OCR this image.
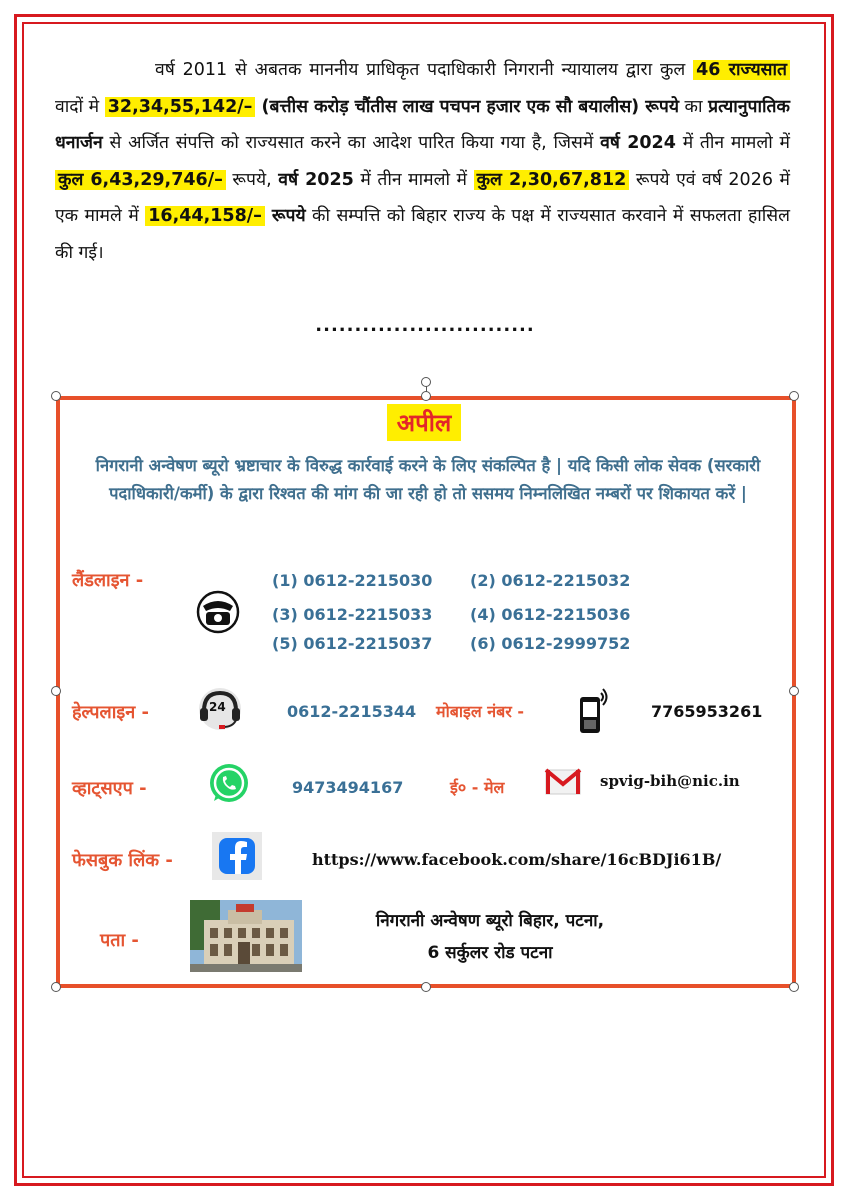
वर्ष 2011 से अबतक माननीय प्राधिकृत पदाधिकारी निगरानी न्यायालय द्वारा कुल 46 राज्यसात वादों मे 32,34,55,142/– (बत्तीस करोड़ चौंतीस लाख पचपन हजार एक सौ बयालीस) रूपये का प्रत्यानुपातिक धनार्जन से अर्जित संपत्ति को राज्यसात करने का आदेश पारित किया गया है, जिसमें वर्ष 2024 में तीन मामलो में कुल 6,43,29,746/– रूपये, वर्ष 2025 में तीन मामलो में कुल 2,30,67,812 रूपये एवं वर्ष 2026 में एक मामले में 16,44,158/– रूपये की सम्पत्ति को बिहार राज्य के पक्ष में राज्यसात करवाने में सफलता हासिल की गई।
............................
अपील
निगरानी अन्वेषण ब्यूरो भ्रष्टाचार के विरुद्ध कार्रवाई करने के लिए संकल्पित है | यदि किसी लोक सेवक (सरकारी पदाधिकारी/कर्मी) के द्वारा रिश्वत की मांग की जा रही हो तो ससमय निम्नलिखित नम्बरों पर शिकायत करें |
लैंडलाइन -	(1) 0612-2215030 (2) 0612-2215032
(3) 0612-2215033 (4) 0612-2215036
(5) 0612-2215037 (6) 0612-2999752
हेल्पलाइन -	24	0612-2215344 मोबाइल नंबर -	7765953261
व्हाट्सएप -	9473494167	ई० - मेल	spvig-bih@nic.in
फेसबुक लिंक -	https://www.facebook.com/share/16cBDJi61B/
पता -
निगरानी अन्वेषण ब्यूरो बिहार, पटना,
6 सर्कुलर रोड पटना
